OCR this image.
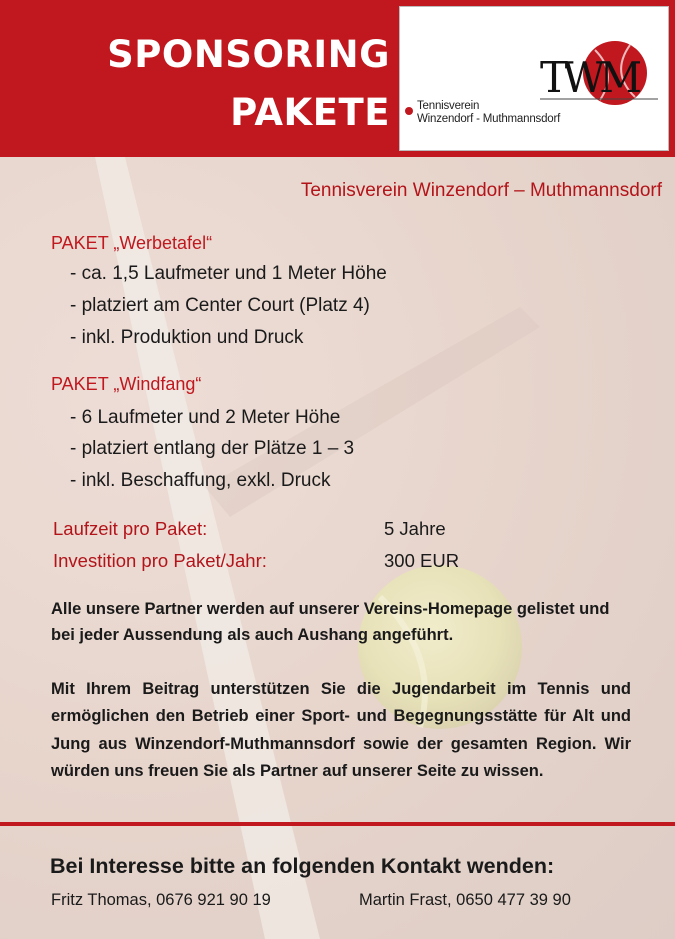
SPONSORING
PAKETE
TWM
Tennisverein
Winzendorf - Muthmannsdorf
Tennisverein Winzendorf – Muthmannsdorf
PAKET „Werbetafel“
- ca. 1,5 Laufmeter und 1 Meter Höhe
- platziert am Center Court (Platz 4)
- inkl. Produktion und Druck
PAKET „Windfang“
- 6 Laufmeter und 2 Meter Höhe
- platziert entlang der Plätze 1 – 3
- inkl. Beschaffung, exkl. Druck
Laufzeit pro Paket:	5 Jahre
Investition pro Paket/Jahr:	300 EUR
Alle unsere Partner werden auf unserer Vereins-Homepage gelistet und bei jeder Aussendung als auch Aushang angeführt.
Mit Ihrem Beitrag unterstützen Sie die Jugendarbeit im Tennis und ermöglichen den Betrieb einer Sport- und Begegnungsstätte für Alt und Jung aus Winzendorf-Muthmannsdorf sowie der gesamten Region. Wir würden uns freuen Sie als Partner auf unserer Seite zu wissen.
Bei Interesse bitte an folgenden Kontakt wenden:
Fritz Thomas, 0676 921 90 19	Martin Frast, 0650 477 39 90
